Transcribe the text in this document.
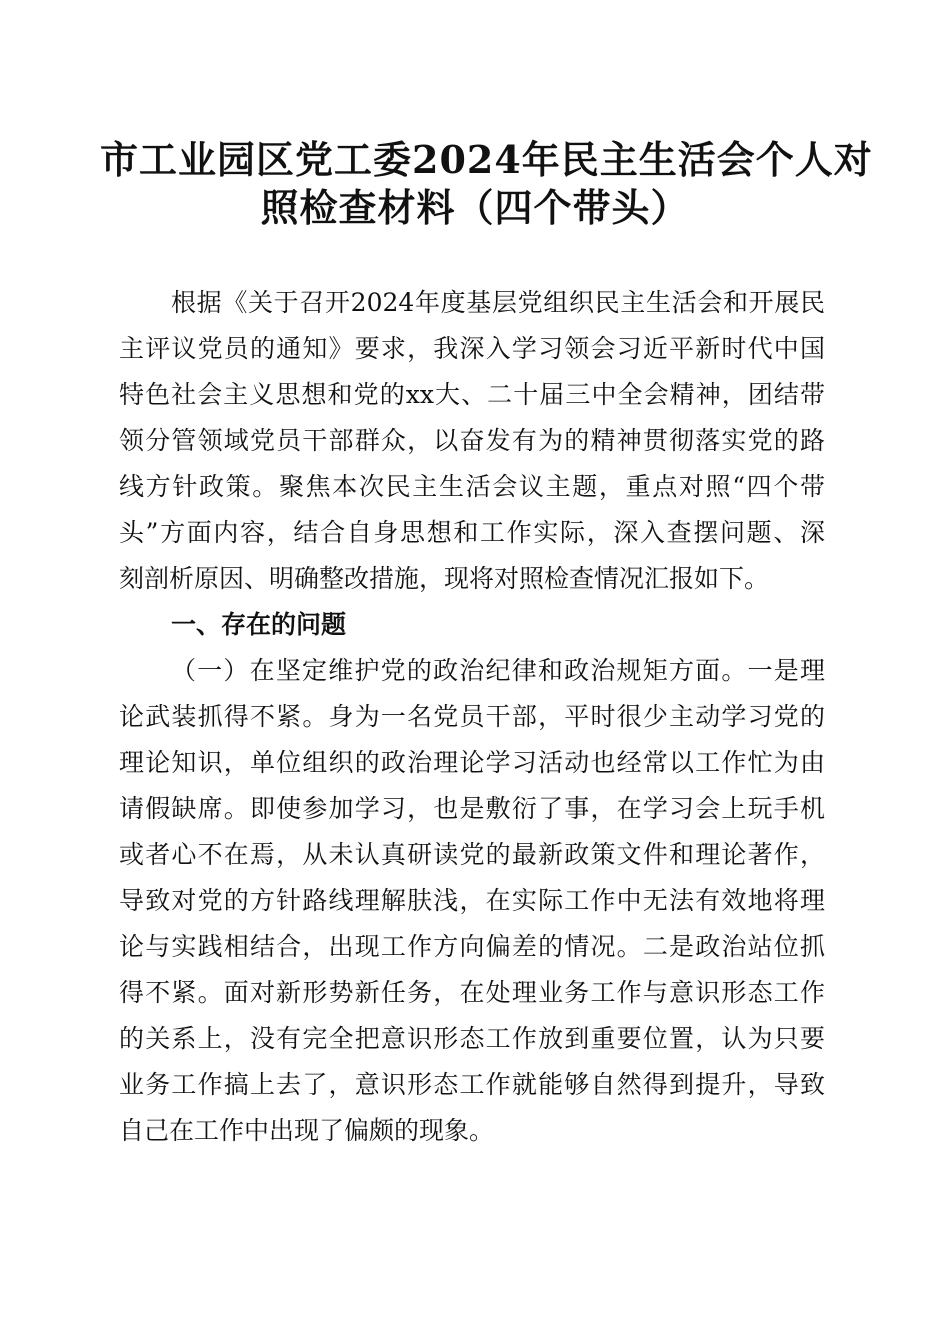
市工业园区党工委2024年民主生活会个人对
照检查材料（四个带头）
根据《关于召开2024年度基层党组织民主生活会和开展民
主评议党员的通知》要求，我深入学习领会习近平新时代中国
特色社会主义思想和党的xx大、二十届三中全会精神，团结带
领分管领域党员干部群众，以奋发有为的精神贯彻落实党的路
线方针政策。聚焦本次民主生活会议主题，重点对照“四个带
头”方面内容，结合自身思想和工作实际，深入查摆问题、深
刻剖析原因、明确整改措施，现将对照检查情况汇报如下。
一、存在的问题
（一）在坚定维护党的政治纪律和政治规矩方面。一是理
论武装抓得不紧。身为一名党员干部，平时很少主动学习党的
理论知识，单位组织的政治理论学习活动也经常以工作忙为由
请假缺席。即使参加学习，也是敷衍了事，在学习会上玩手机
或者心不在焉，从未认真研读党的最新政策文件和理论著作，
导致对党的方针路线理解肤浅，在实际工作中无法有效地将理
论与实践相结合，出现工作方向偏差的情况。二是政治站位抓
得不紧。面对新形势新任务，在处理业务工作与意识形态工作
的关系上，没有完全把意识形态工作放到重要位置，认为只要
业务工作搞上去了，意识形态工作就能够自然得到提升，导致
自己在工作中出现了偏颇的现象。
